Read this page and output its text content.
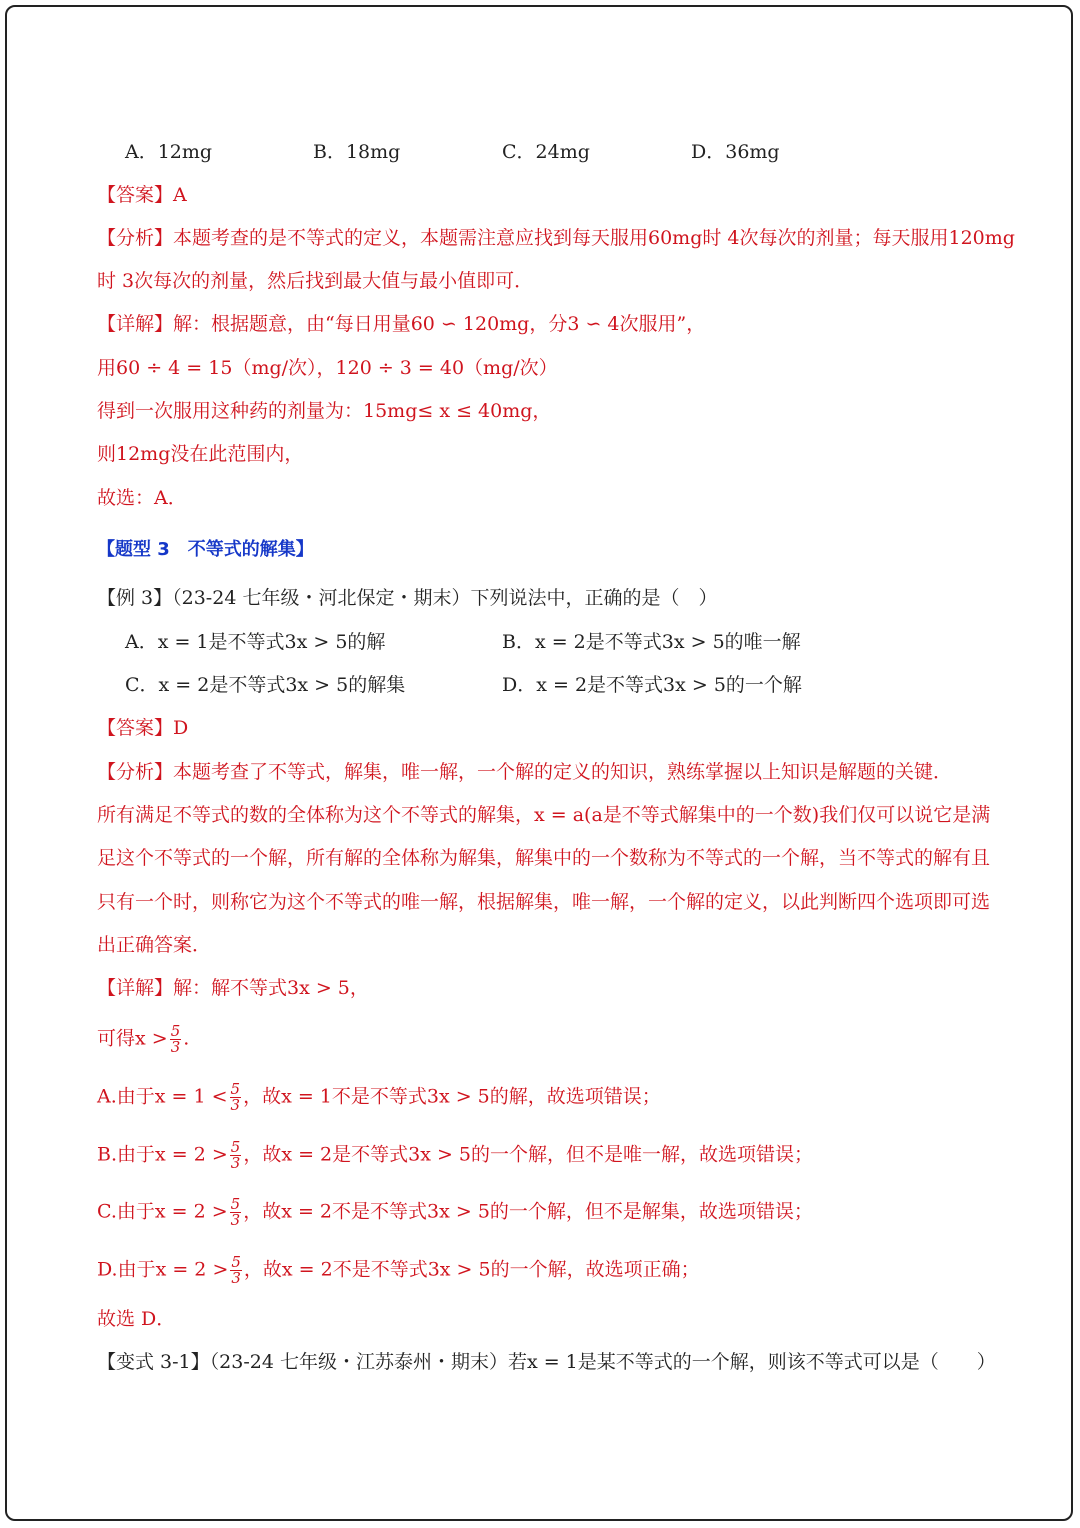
A．12mg	B．18mg	C．24mg	D．36mg
【答案】A
【分析】本题考查的是不等式的定义，本题需注意应找到每天服用60mg时 4次每次的剂量；每天服用120mg
时 3次每次的剂量，然后找到最大值与最小值即可．
【详解】解：根据题意，由“每日用量60 ∽ 120mg，分3 ∽ 4次服用”，
用60 ÷ 4 = 15（mg/次），120 ÷ 3 = 40（mg/次）
得到一次服用这种药的剂量为：15mg≤ x ≤ 40mg，
则12mg没在此范围内，
故选：A．
【题型 3　不等式的解集】
【例 3】（23-24 七年级・河北保定・期末）下列说法中，正确的是（　）
A．x = 1是不等式3x > 5的解	B．x = 2是不等式3x > 5的唯一解
C．x = 2是不等式3x > 5的解集	D．x = 2是不等式3x > 5的一个解
【答案】D
【分析】本题考查了不等式，解集，唯一解，一个解的定义的知识，熟练掌握以上知识是解题的关键．
所有满足不等式的数的全体称为这个不等式的解集，x = a(a是不等式解集中的一个数)我们仅可以说它是满
足这个不等式的一个解，所有解的全体称为解集，解集中的一个数称为不等式的一个解，当不等式的解有且
只有一个时，则称它为这个不等式的唯一解，根据解集，唯一解，一个解的定义，以此判断四个选项即可选
出正确答案．
【详解】解：解不等式3x > 5，
可得$x > \frac{5}{3}$ .
A.由于$x = 1 < \frac{5}{3}$ ，故x = 1不是不等式3x > 5的解，故选项错误；
B.由于$x = 2 > \frac{5}{3}$ ，故x = 2是不等式3x > 5的一个解，但不是唯一解，故选项错误；
C.由于$x = 2 > \frac{5}{3}$ ，故x = 2不是不等式3x > 5的一个解，但不是解集，故选项错误；
D.由于$x = 2 > \frac{5}{3}$ ，故x = 2不是不等式3x > 5的一个解，故选项正确；
故选 D．
【变式 3-1】（23-24 七年级・江苏泰州・期末）若x = 1是某不等式的一个解，则该不等式可以是（　　）
